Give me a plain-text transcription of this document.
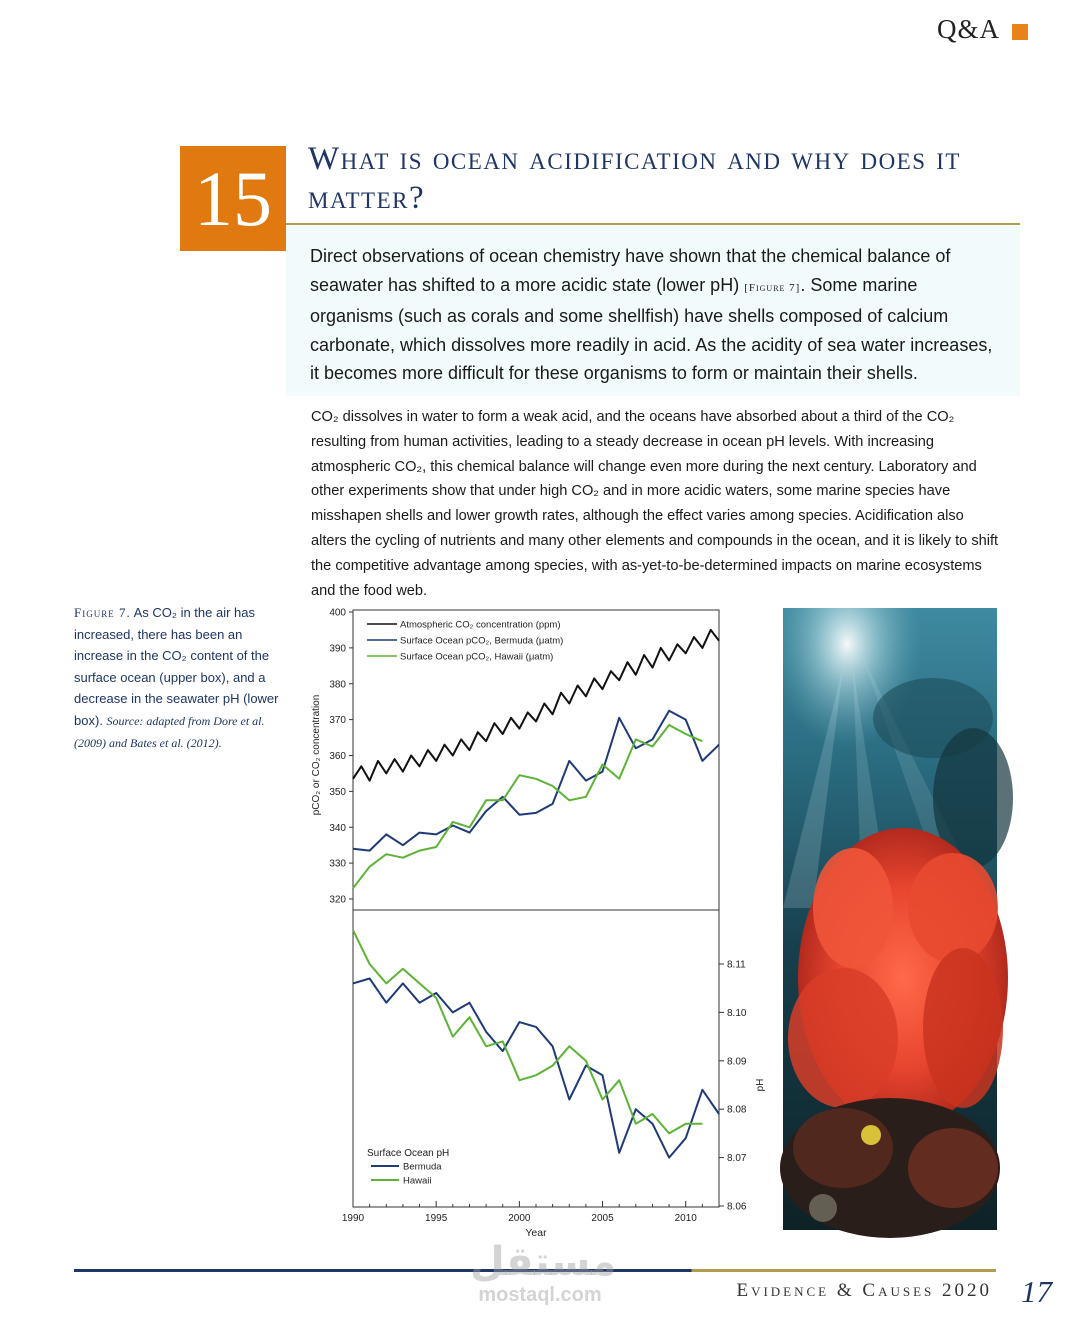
Q&A
15	What is ocean acidification and why does it matter?
Direct observations of ocean chemistry have shown that the chemical balance of seawater has shifted to a more acidic state (lower pH) [Figure 7]. Some marine organisms (such as corals and some shellfish) have shells composed of calcium carbonate, which dissolves more readily in acid. As the acidity of sea water increases, it becomes more difficult for these organisms to form or maintain their shells.
CO₂ dissolves in water to form a weak acid, and the oceans have absorbed about a third of the CO₂ resulting from human activities, leading to a steady decrease in ocean pH levels. With increasing atmospheric CO₂, this chemical balance will change even more during the next century. Laboratory and other experiments show that under high CO₂ and in more acidic waters, some marine species have misshapen shells and lower growth rates, although the effect varies among species. Acidification also alters the cycling of nutrients and many other elements and compounds in the ocean, and it is likely to shift the competitive advantage among species, with as-yet-to-be-determined impacts on marine ecosystems and the food web.
Figure 7. As CO₂ in the air has increased, there has been an increase in the CO₂ content of the surface ocean (upper box), and a decrease in the seawater pH (lower box). Source: adapted from Dore et al. (2009) and Bates et al. (2012).
320
330
340
350
360
370
380
390
400
pCO₂ or CO₂ concentration
8.06
8.07
8.08
8.09
8.10
8.11
pH
1990	1995	2000	2005	2010
Year
Atmospheric CO₂ concentration (ppm)
Surface Ocean pCO₂, Bermuda (μatm)
Surface Ocean pCO₂, Hawaii (μatm)
Surface Ocean pH
Bermuda
Hawaii
مستقل
mostaql.com	Evidence & Causes 2020 17
